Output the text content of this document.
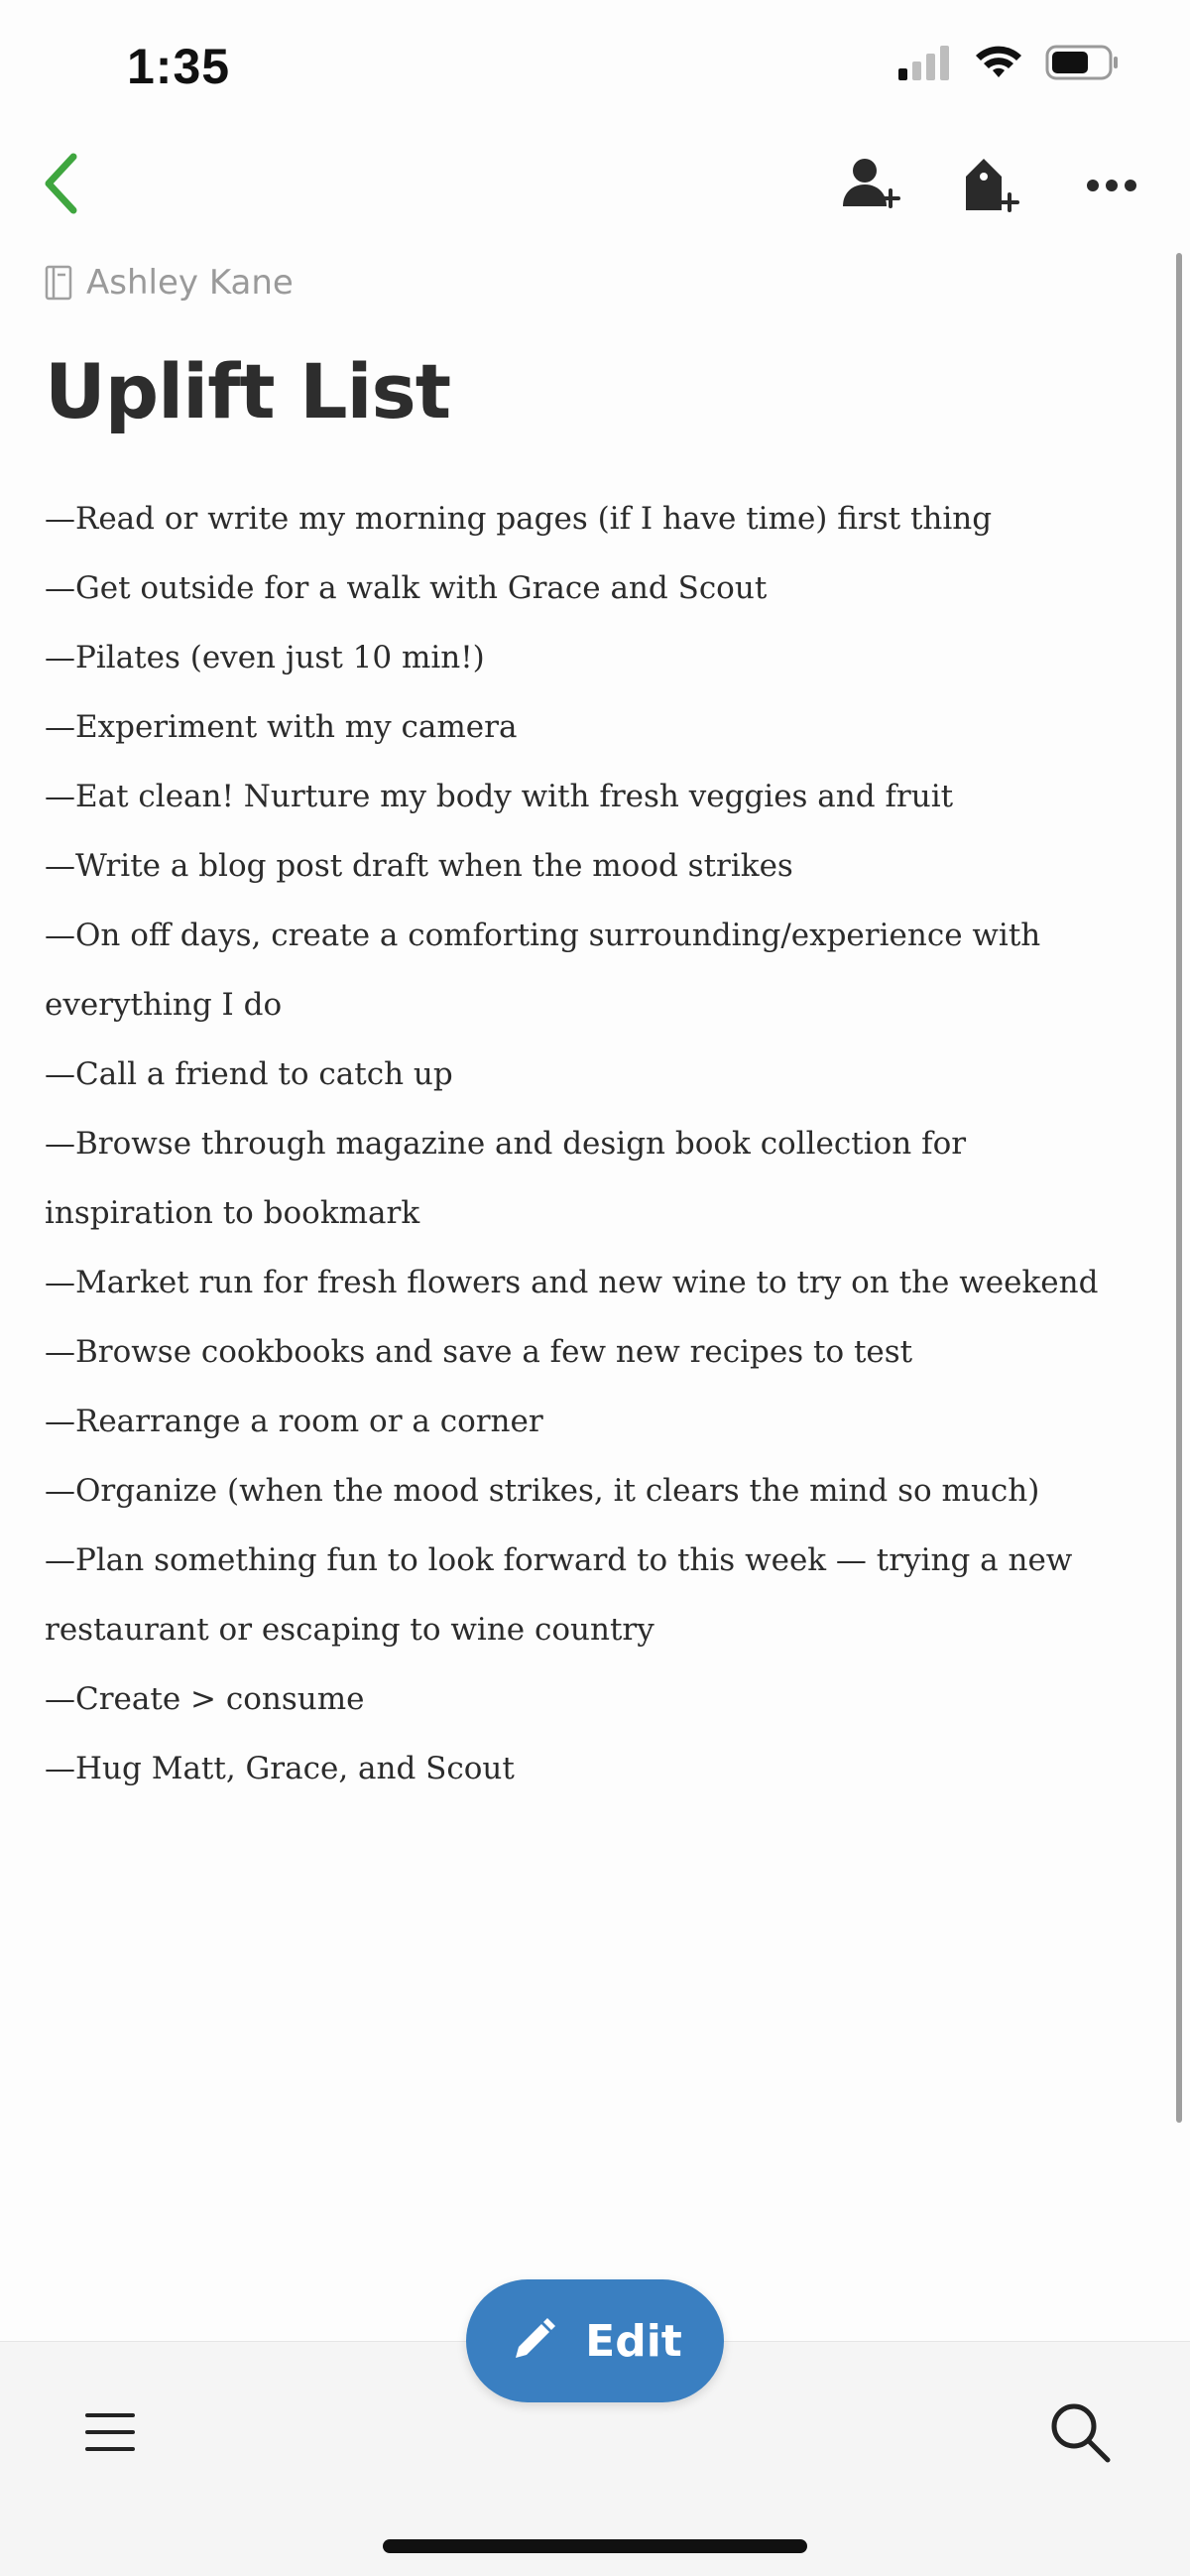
1:35
Ashley Kane
Uplift List

—Read or write my morning pages (if I have time) first thing

—Get outside for a walk with Grace and Scout

—Pilates (even just 10 min!)

—Experiment with my camera

—Eat clean! Nurture my body with fresh veggies and fruit

—Write a blog post draft when the mood strikes

—On off days, create a comforting surrounding/experience with everything I do

—Call a friend to catch up

—Browse through magazine and design book collection for inspiration to bookmark

—Market run for fresh flowers and new wine to try on the weekend

—Browse cookbooks and save a few new recipes to test

—Rearrange a room or a corner

—Organize (when the mood strikes, it clears the mind so much)

—Plan something fun to look forward to this week — trying a new restaurant or escaping to wine country

—Create > consume

—Hug Matt, Grace, and Scout

Edit
